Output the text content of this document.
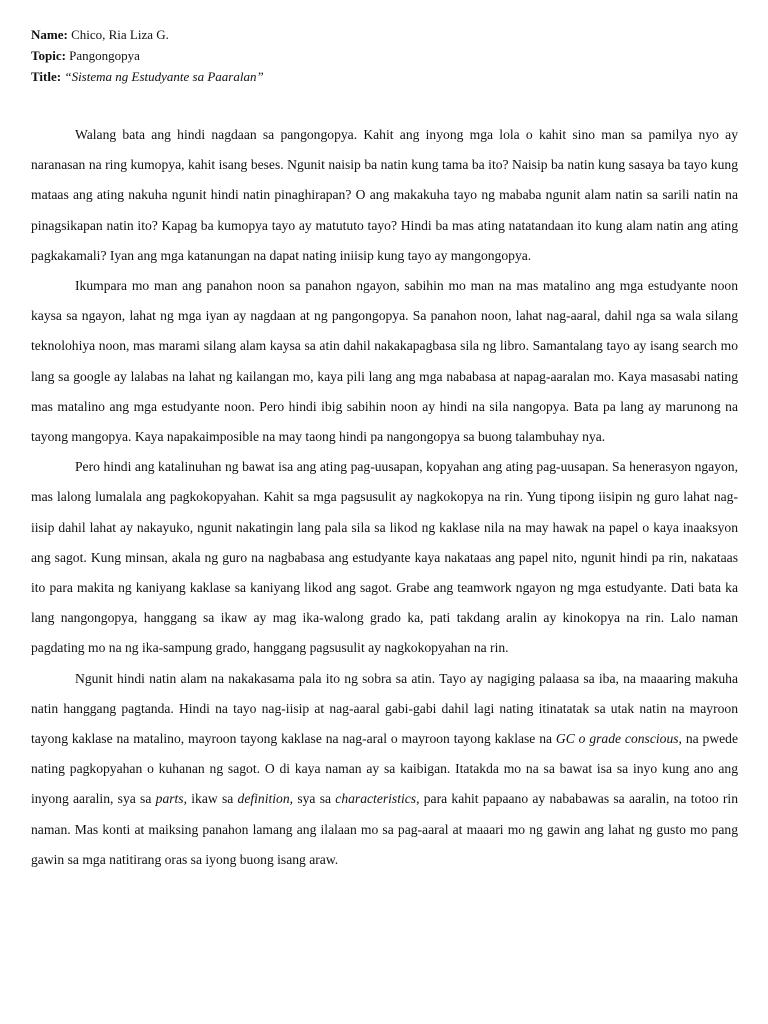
Name: Chico, Ria Liza G.
Topic: Pangongopya
Title: “Sistema ng Estudyante sa Paaralan”

Walang bata ang hindi nagdaan sa pangongopya. Kahit ang inyong mga lola o kahit sino man sa pamilya nyo ay naranasan na ring kumopya, kahit isang beses. Ngunit naisip ba natin kung tama ba ito? Naisip ba natin kung sasaya ba tayo kung mataas ang ating nakuha ngunit hindi natin pinaghirapan? O ang makakuha tayo ng mababa ngunit alam natin sa sarili natin na pinagsikapan natin ito? Kapag ba kumopya tayo ay matututo tayo? Hindi ba mas ating natatandaan ito kung alam natin ang ating pagkakamali? Iyan ang mga katanungan na dapat nating iniisip kung tayo ay mangongopya.

Ikumpara mo man ang panahon noon sa panahon ngayon, sabihin mo man na mas matalino ang mga estudyante noon kaysa sa ngayon, lahat ng mga iyan ay nagdaan at ng pangongopya. Sa panahon noon, lahat nag-aaral, dahil nga sa wala silang teknolohiya noon, mas marami silang alam kaysa sa atin dahil nakakapagbasa sila ng libro. Samantalang tayo ay isang search mo lang sa google ay lalabas na lahat ng kailangan mo, kaya pili lang ang mga nababasa at napag-aaralan mo. Kaya masasabi nating mas matalino ang mga estudyante noon. Pero hindi ibig sabihin noon ay hindi na sila nangopya. Bata pa lang ay marunong na tayong mangopya. Kaya napakaimposible na may taong hindi pa nangongopya sa buong talambuhay nya.

Pero hindi ang katalinuhan ng bawat isa ang ating pag-uusapan, kopyahan ang ating pag-uusapan. Sa henerasyon ngayon, mas lalong lumalala ang pagkokopyahan. Kahit sa mga pagsusulit ay nagkokopya na rin. Yung tipong iisipin ng guro lahat nag-iisip dahil lahat ay nakayuko, ngunit nakatingin lang pala sila sa likod ng kaklase nila na may hawak na papel o kaya inaaksyon ang sagot. Kung minsan, akala ng guro na nagbabasa ang estudyante kaya nakataas ang papel nito, ngunit hindi pa rin, nakataas ito para makita ng kaniyang kaklase sa kaniyang likod ang sagot. Grabe ang teamwork ngayon ng mga estudyante. Dati bata ka lang nangongopya, hanggang sa ikaw ay mag ika-walong grado ka, pati takdang aralin ay kinokopya na rin. Lalo naman pagdating mo na ng ika-sampung grado, hanggang pagsusulit ay nagkokopyahan na rin.

Ngunit hindi natin alam na nakakasama pala ito ng sobra sa atin. Tayo ay nagiging palaasa sa iba, na maaaring makuha natin hanggang pagtanda. Hindi na tayo nag-iisip at nag-aaral gabi-gabi dahil lagi nating itinatatak sa utak natin na mayroon tayong kaklase na matalino, mayroon tayong kaklase na nag-aral o mayroon tayong kaklase na GC o grade conscious, na pwede nating pagkopyahan o kuhanan ng sagot. O di kaya naman ay sa kaibigan. Itatakda mo na sa bawat isa sa inyo kung ano ang inyong aaralin, sya sa parts, ikaw sa definition, sya sa characteristics, para kahit papaano ay nababawas sa aaralin, na totoo rin naman. Mas konti at maiksing panahon lamang ang ilalaan mo sa pag-aaral at maaari mo ng gawin ang lahat ng gusto mo pang gawin sa mga natitirang oras sa iyong buong isang araw.
